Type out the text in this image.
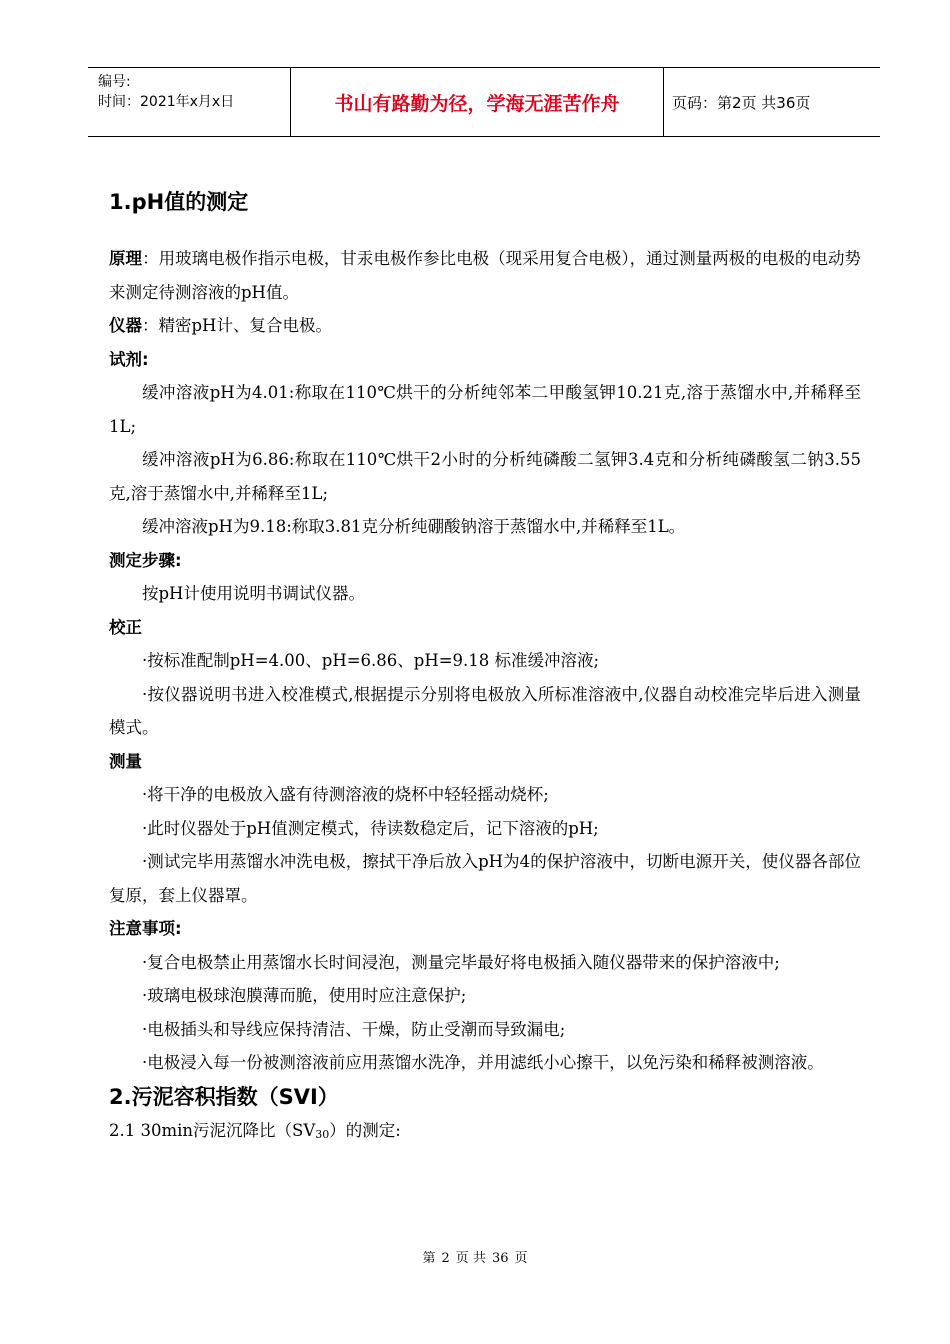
编号:
时间：2021年x月x日	书山有路勤为径，学海无涯苦作舟	页码：第2页 共36页
1.pH值的测定

原理：用玻璃电极作指示电极，甘汞电极作参比电极（现采用复合电极），通过测量两极的电极的电动势来测定待测溶液的pH值。

仪器：精密pH计、复合电极。

试剂:

缓冲溶液pH为4.01:称取在110℃烘干的分析纯邻苯二甲酸氢钾10.21克,溶于蒸馏水中,并稀释至1L;

缓冲溶液pH为6.86:称取在110℃烘干2小时的分析纯磷酸二氢钾3.4克和分析纯磷酸氢二钠3.55克,溶于蒸馏水中,并稀释至1L;

缓冲溶液pH为9.18:称取3.81克分析纯硼酸钠溶于蒸馏水中,并稀释至1L。

测定步骤:

按pH计使用说明书调试仪器。

校正

·按标准配制pH=4.00、pH=6.86、pH=9.18 标准缓冲溶液;

·按仪器说明书进入校准模式,根据提示分别将电极放入所标准溶液中,仪器自动校准完毕后进入测量模式。

测量

·将干净的电极放入盛有待测溶液的烧杯中轻轻摇动烧杯;

·此时仪器处于pH值测定模式，待读数稳定后，记下溶液的pH;

·测试完毕用蒸馏水冲洗电极，擦拭干净后放入pH为4的保护溶液中，切断电源开关，使仪器各部位复原，套上仪器罩。

注意事项:

·复合电极禁止用蒸馏水长时间浸泡，测量完毕最好将电极插入随仪器带来的保护溶液中;

·玻璃电极球泡膜薄而脆，使用时应注意保护;

·电极插头和导线应保持清洁、干燥，防止受潮而导致漏电;

·电极浸入每一份被测溶液前应用蒸馏水洗净，并用滤纸小心擦干，以免污染和稀释被测溶液。

2.污泥容积指数（SVI）

2.1 30min污泥沉降比（SV30）的测定:

第 2 页 共 36 页
